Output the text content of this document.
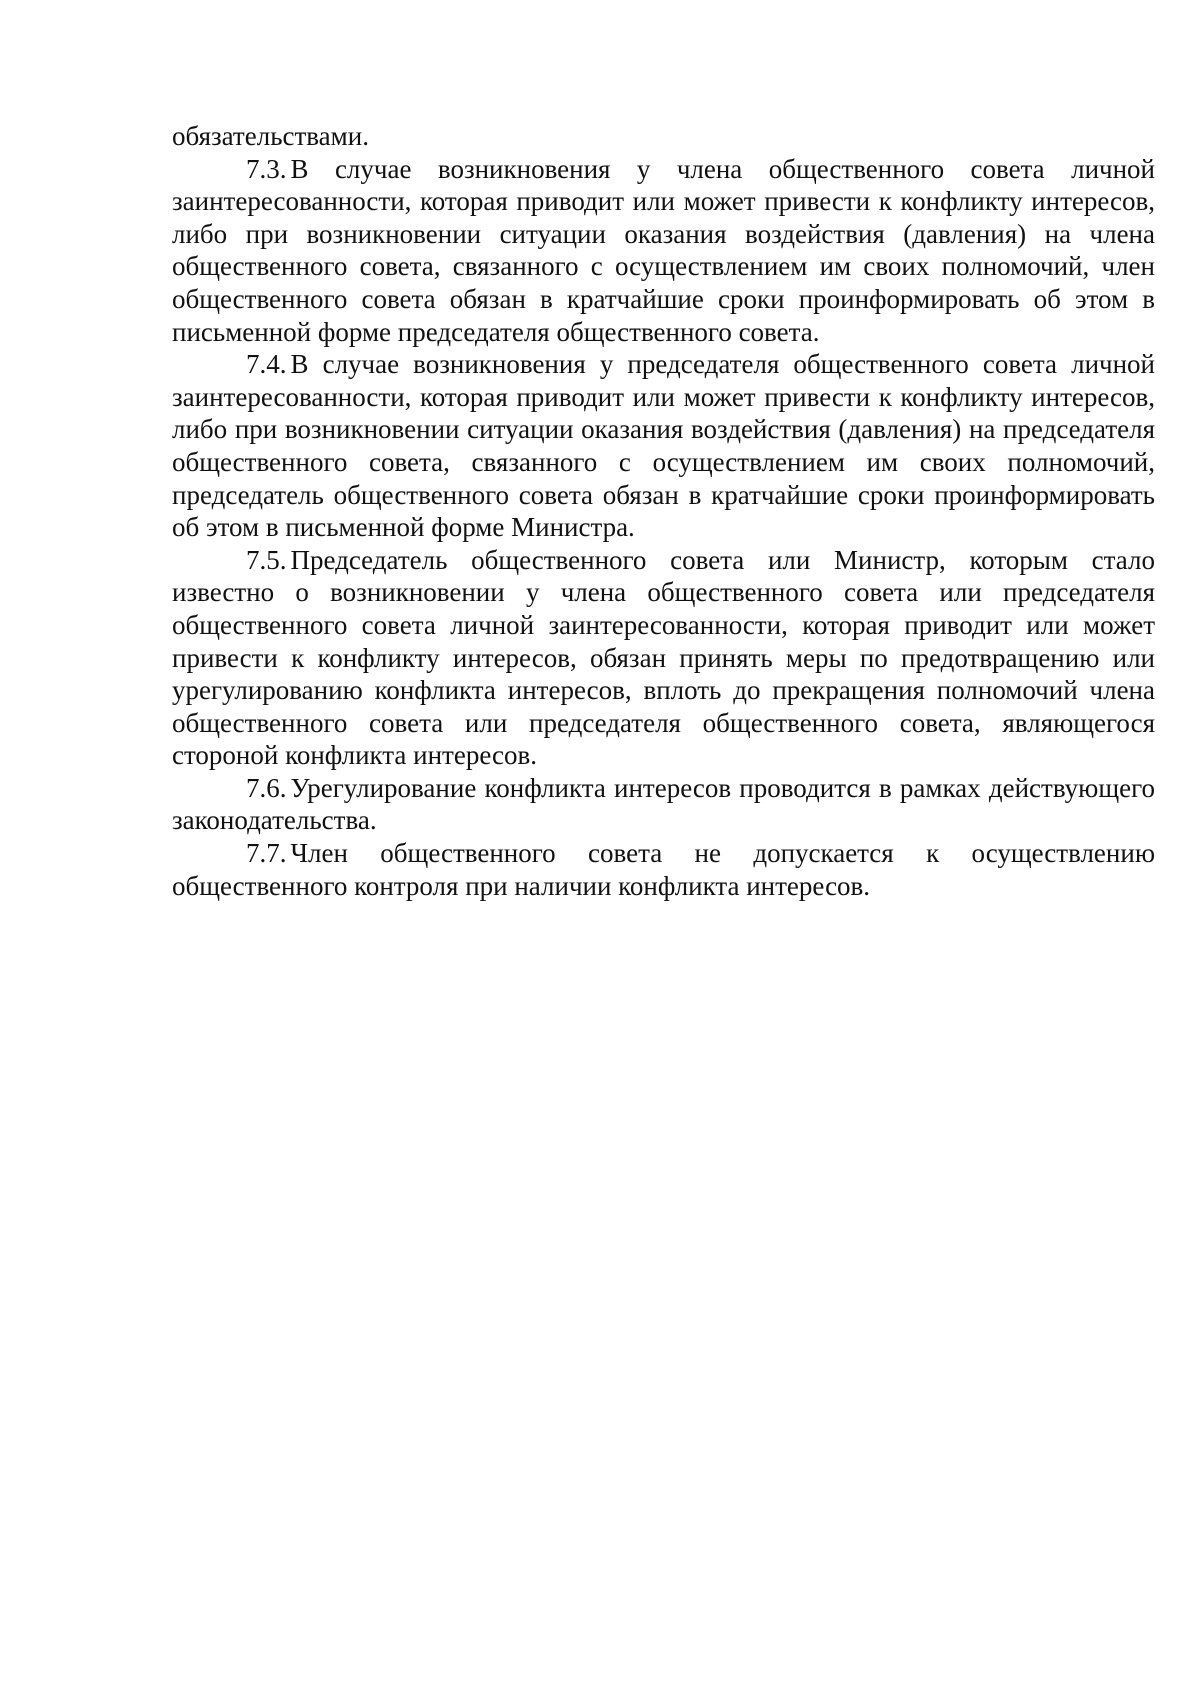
обязательствами.

7.3. В случае возникновения у члена общественного совета личной заинтересованности, которая приводит или может привести к конфликту интересов, либо при возникновении ситуации оказания воздействия (давления) на члена общественного совета, связанного с осуществлением им своих полномочий, член общественного совета обязан в кратчайшие сроки проинформировать об этом в письменной форме председателя общественного совета.

7.4. В случае возникновения у председателя общественного совета личной заинтересованности, которая приводит или может привести к конфликту интересов, либо при возникновении ситуации оказания воздействия (давления) на председателя общественного совета, связанного с осуществлением им своих полномочий, председатель общественного совета обязан в кратчайшие сроки проинформировать об этом в письменной форме Министра.

7.5. Председатель общественного совета или Министр, которым стало известно о возникновении у члена общественного совета или председателя общественного совета личной заинтересованности, которая приводит или может привести к конфликту интересов, обязан принять меры по предотвращению или урегулированию конфликта интересов, вплоть до прекращения полномочий члена общественного совета или председателя общественного совета, являющегося стороной конфликта интересов.

7.6. Урегулирование конфликта интересов проводится в рамках действующего законодательства.

7.7. Член общественного совета не допускается к осуществлению общественного контроля при наличии конфликта интересов.
